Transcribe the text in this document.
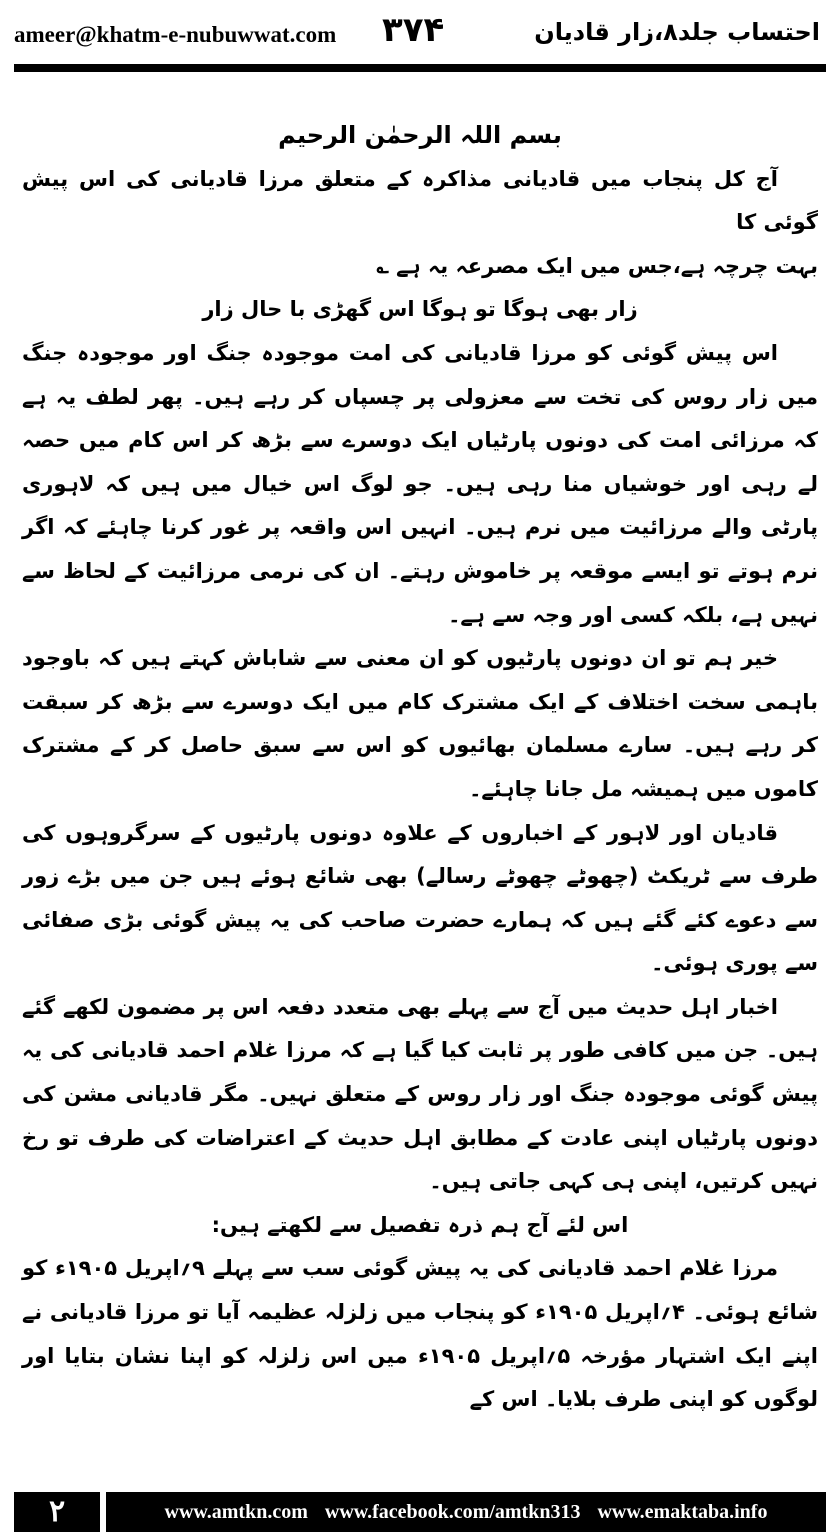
ameer@khatm-e-nubuwwat.com ٣٧۴	احتساب جلد۸،زار قادیان

بسم اللہ الرحمٰن الرحیم

آج کل پنجاب میں قادیانی مذاکرہ کے متعلق مرزا قادیانی کی اس پیش گوئی کا

بہت چرچہ ہے،جس میں ایک مصرعہ یہ ہے ؎

زار بھی ہوگا تو ہوگا اس گھڑی با حال زار

اس پیش گوئی کو مرزا قادیانی کی امت موجودہ جنگ اور موجودہ جنگ میں زار روس کی تخت سے معزولی پر چسپاں کر رہے ہیں۔ پھر لطف یہ ہے کہ مرزائی امت کی دونوں پارٹیاں ایک دوسرے سے بڑھ کر اس کام میں حصہ لے رہی اور خوشیاں منا رہی ہیں۔ جو لوگ اس خیال میں ہیں کہ لاہوری پارٹی والے مرزائیت میں نرم ہیں۔ انہیں اس واقعہ پر غور کرنا چاہئے کہ اگر نرم ہوتے تو ایسے موقعہ پر خاموش رہتے۔ ان کی نرمی مرزائیت کے لحاظ سے نہیں ہے، بلکہ کسی اور وجہ سے ہے۔

خیر ہم تو ان دونوں پارٹیوں کو ان معنی سے شاباش کہتے ہیں کہ باوجود باہمی سخت اختلاف کے ایک مشترک کام میں ایک دوسرے سے بڑھ کر سبقت کر رہے ہیں۔ سارے مسلمان بھائیوں کو اس سے سبق حاصل کر کے مشترک کاموں میں ہمیشہ مل جانا چاہئے۔

قادیان اور لاہور کے اخباروں کے علاوہ دونوں پارٹیوں کے سرگروہوں کی طرف سے ٹریکٹ (چھوٹے چھوٹے رسالے) بھی شائع ہوئے ہیں جن میں بڑے زور سے دعوے کئے گئے ہیں کہ ہمارے حضرت صاحب کی یہ پیش گوئی بڑی صفائی سے پوری ہوئی۔

اخبار اہل حدیث میں آج سے پہلے بھی متعدد دفعہ اس پر مضمون لکھے گئے ہیں۔ جن میں کافی طور پر ثابت کیا گیا ہے کہ مرزا غلام احمد قادیانی کی یہ پیش گوئی موجودہ جنگ اور زار روس کے متعلق نہیں۔ مگر قادیانی مشن کی دونوں پارٹیاں اپنی عادت کے مطابق اہل حدیث کے اعتراضات کی طرف تو رخ نہیں کرتیں، اپنی ہی کہی جاتی ہیں۔

اس لئے آج ہم ذرہ تفصیل سے لکھتے ہیں:

مرزا غلام احمد قادیانی کی یہ پیش گوئی سب سے پہلے ۹؍اپریل ۱۹۰۵ء کو شائع ہوئی۔ ۴؍اپریل ۱۹۰۵ء کو پنجاب میں زلزلہ عظیمہ آیا تو مرزا قادیانی نے اپنے ایک اشتہار مؤرخہ ۵؍اپریل ۱۹۰۵ء میں اس زلزلہ کو اپنا نشان بتایا اور لوگوں کو اپنی طرف بلایا۔ اس کے

۲	www.amtkn.com www.facebook.com/amtkn313 www.emaktaba.info
